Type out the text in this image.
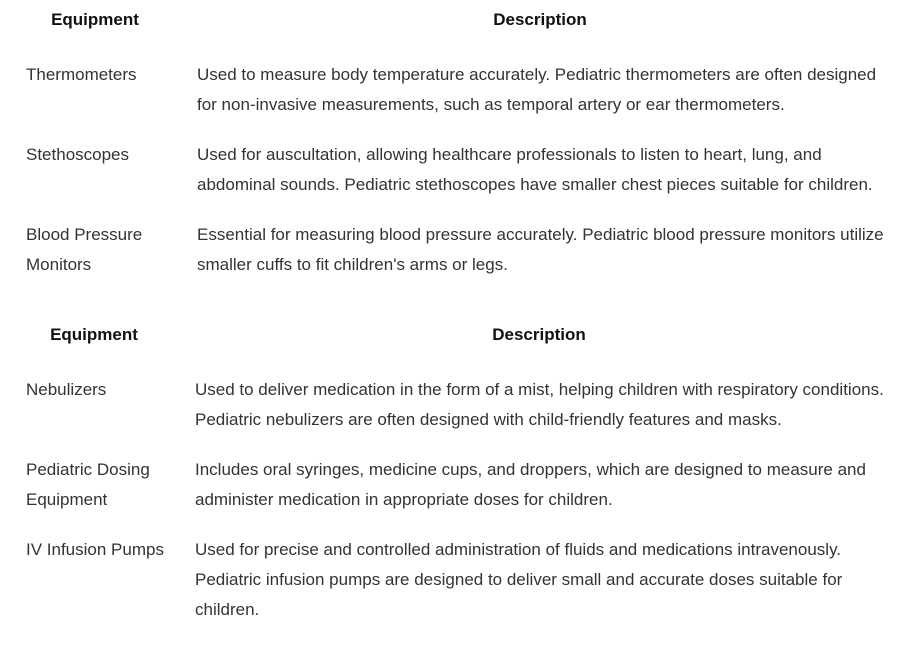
Equipment	Description
Thermometers	Used to measure body temperature accurately. Pediatric thermometers are often designed for non-invasive measurements, such as temporal artery or ear thermometers.
Stethoscopes	Used for auscultation, allowing healthcare professionals to listen to heart, lung, and abdominal sounds. Pediatric stethoscopes have smaller chest pieces suitable for children.
Blood Pressure Monitors	Essential for measuring blood pressure accurately. Pediatric blood pressure monitors utilize smaller cuffs to fit children's arms or legs.
Equipment	Description
Nebulizers	Used to deliver medication in the form of a mist, helping children with respiratory conditions. Pediatric nebulizers are often designed with child-friendly features and masks.
Pediatric Dosing Equipment	Includes oral syringes, medicine cups, and droppers, which are designed to measure and administer medication in appropriate doses for children.
IV Infusion Pumps	Used for precise and controlled administration of fluids and medications intravenously. Pediatric infusion pumps are designed to deliver small and accurate doses suitable for children.
